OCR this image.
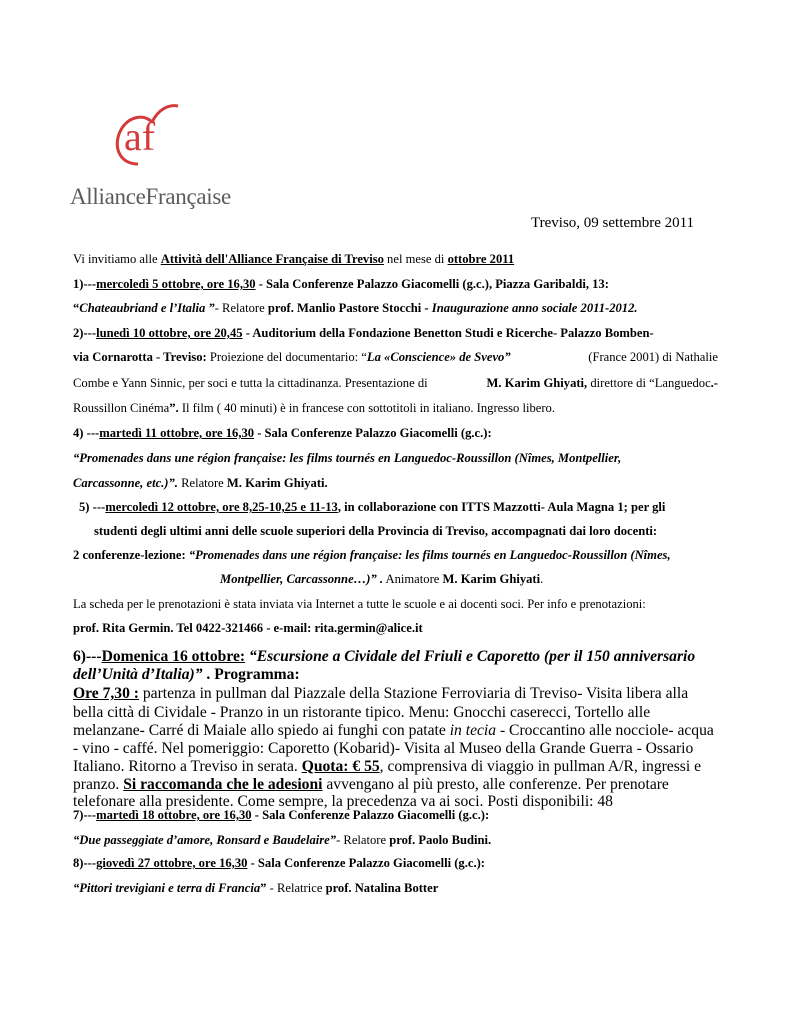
af
AllianceFrançaise
Treviso, 09 settembre 2011
Vi invitiamo alle Attività dell'Alliance Française di Treviso nel mese di ottobre 2011
1)---mercoledì 5 ottobre, ore 16,30 - Sala Conferenze Palazzo Giacomelli (g.c.), Piazza Garibaldi, 13:
“Chateaubriand e l’Italia ”- Relatore prof. Manlio Pastore Stocchi - Inaugurazione anno sociale 2011-2012.
2)---lunedì 10 ottobre, ore 20,45 - Auditorium della Fondazione Benetton Studi e Ricerche- Palazzo Bomben-
via Cornarotta - Treviso: Proiezione del documentario: “La «Conscience» de Svevo”	(France 2001) di Nathalie
Combe e Yann Sinnic, per soci e tutta la cittadinanza. Presentazione di	M. Karim Ghiyati, direttore di “Languedoc.-
Roussillon Cinéma”. Il film ( 40 minuti) è in francese con sottotitoli in italiano. Ingresso libero.
4) ---martedì 11 ottobre, ore 16,30 - Sala Conferenze Palazzo Giacomelli (g.c.):
“Promenades dans une région française: les films tournés en Languedoc-Roussillon (Nîmes, Montpellier,
Carcassonne, etc.)”. Relatore M. Karim Ghiyati.
5) ---mercoledì 12 ottobre, ore 8,25-10,25 e 11-13, in collaborazione con ITTS Mazzotti- Aula Magna 1; per gli
studenti degli ultimi anni delle scuole superiori della Provincia di Treviso, accompagnati dai loro docenti:
2 conferenze-lezione: “Promenades dans une région française: les films tournés en Languedoc-Roussillon (Nîmes,
Montpellier, Carcassonne…)” . Animatore M. Karim Ghiyati.
La scheda per le prenotazioni è stata inviata via Internet a tutte le scuole e ai docenti soci. Per info e prenotazioni:
prof. Rita Germin. Tel 0422-321466 - e-mail: rita.germin@alice.it
6)---Domenica 16 ottobre: “Escursione a Cividale del Friuli e Caporetto (per il 150 anniversario
dell’Unità d’Italia)” . Programma:
Ore 7,30 : partenza in pullman dal Piazzale della Stazione Ferroviaria di Treviso- Visita libera alla
bella città di Cividale - Pranzo in un ristorante tipico. Menu: Gnocchi caserecci, Tortello alle
melanzane- Carré di Maiale allo spiedo ai funghi con patate in tecia - Croccantino alle nocciole- acqua
- vino - caffé. Nel pomeriggio: Caporetto (Kobarid)- Visita al Museo della Grande Guerra - Ossario
Italiano. Ritorno a Treviso in serata. Quota: € 55, comprensiva di viaggio in pullman A/R, ingressi e
pranzo. Si raccomanda che le adesioni avvengano al più presto, alle conferenze. Per prenotare
telefonare alla presidente. Come sempre, la precedenza va ai soci. Posti disponibili: 48
7)---martedì 18 ottobre, ore 16,30 - Sala Conferenze Palazzo Giacomelli (g.c.):
“Due passeggiate d’amore, Ronsard e Baudelaire”- Relatore prof. Paolo Budini.
8)---giovedì 27 ottobre, ore 16,30 - Sala Conferenze Palazzo Giacomelli (g.c.):
“Pittori trevigiani e terra di Francia” - Relatrice prof. Natalina Botter
